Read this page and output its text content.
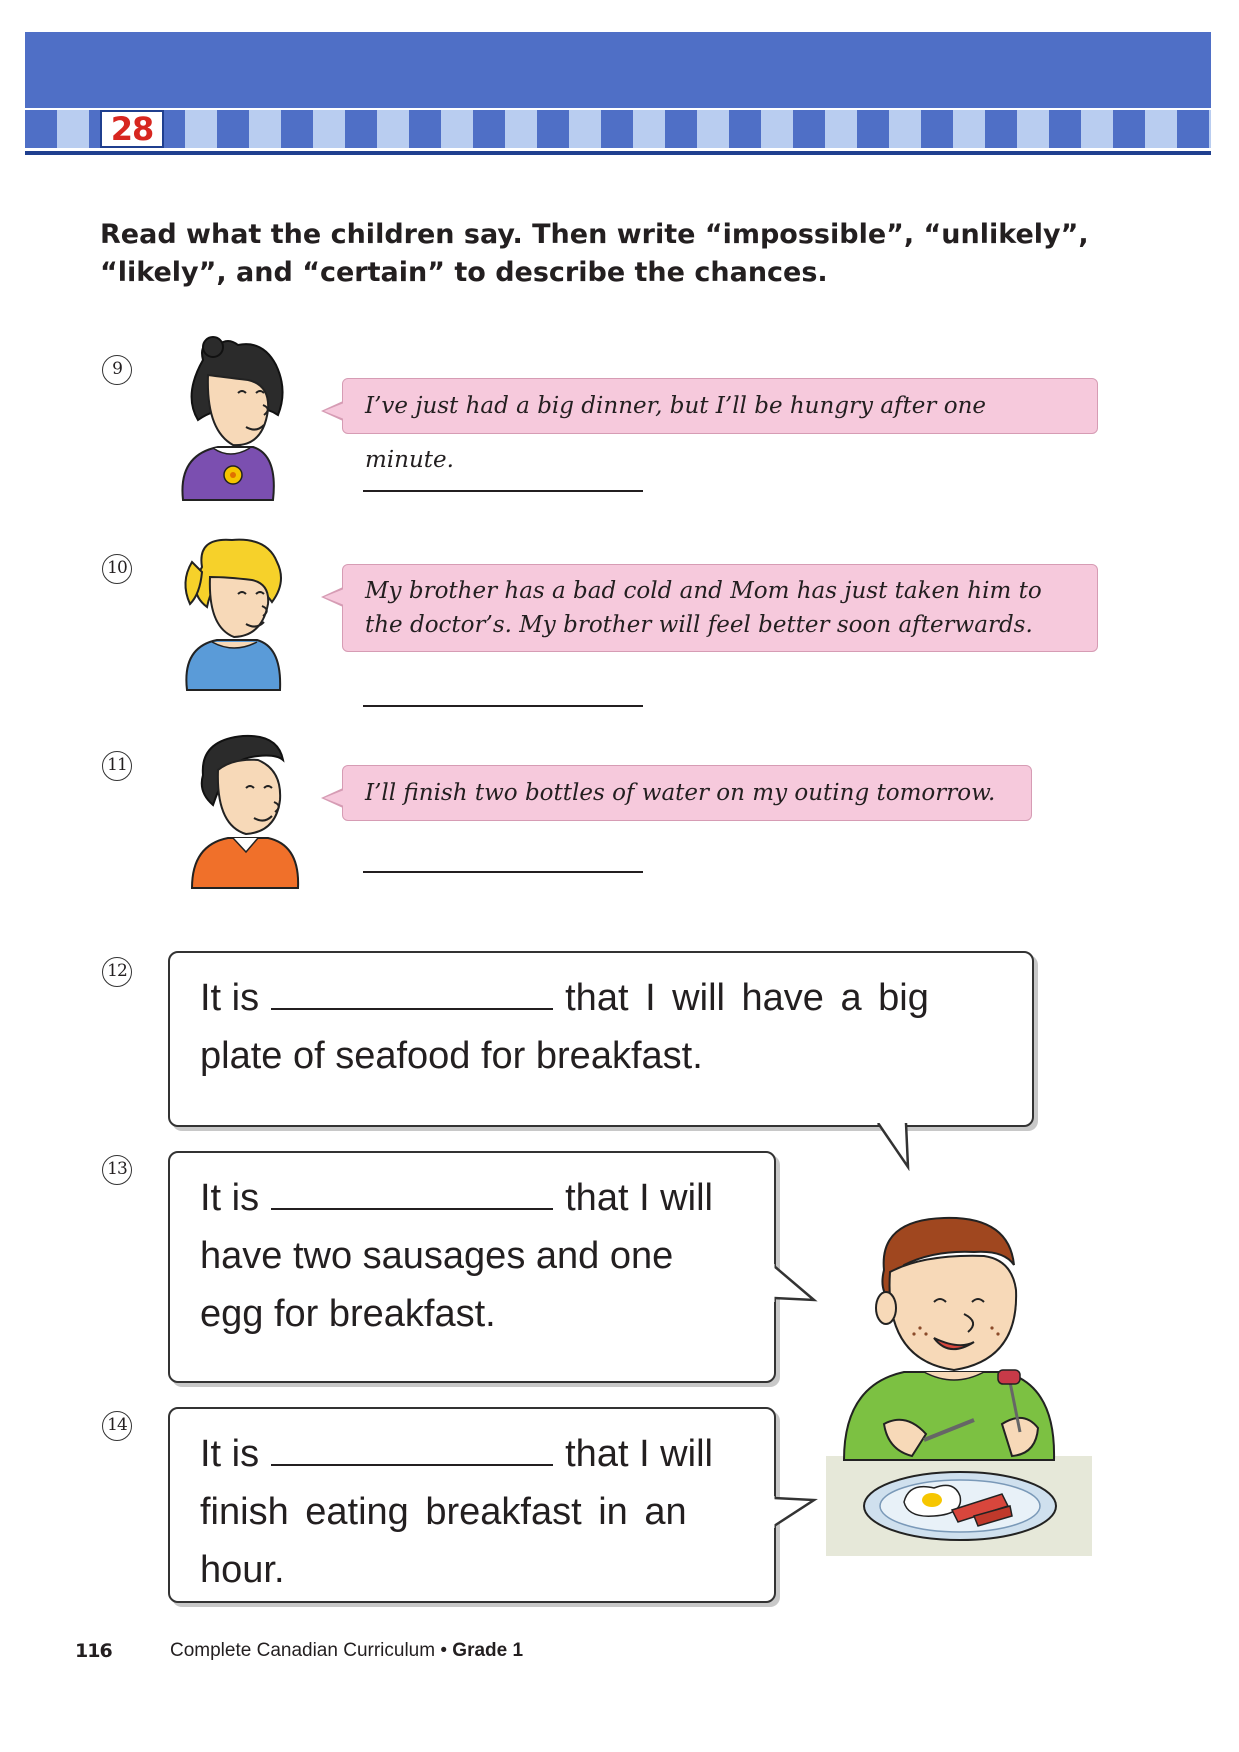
28
Read what the children say. Then write “impossible”, “unlikely”,
“likely”, and “certain” to describe the chances.
9
I’ve just had a big dinner, but I’ll be hungry after one minute.
10
My brother has a bad cold and Mom has just taken him to
the doctor’s. My brother will feel better soon afterwards.
11
I’ll finish two bottles of water on my outing tomorrow.
12
It is	that I will have a big
plate of seafood for breakfast.
13
It is	that I will
have two sausages and one
egg for breakfast.
14
It is	that I will
finish eating breakfast in an
hour.
116	Complete Canadian Curriculum • Grade 1
